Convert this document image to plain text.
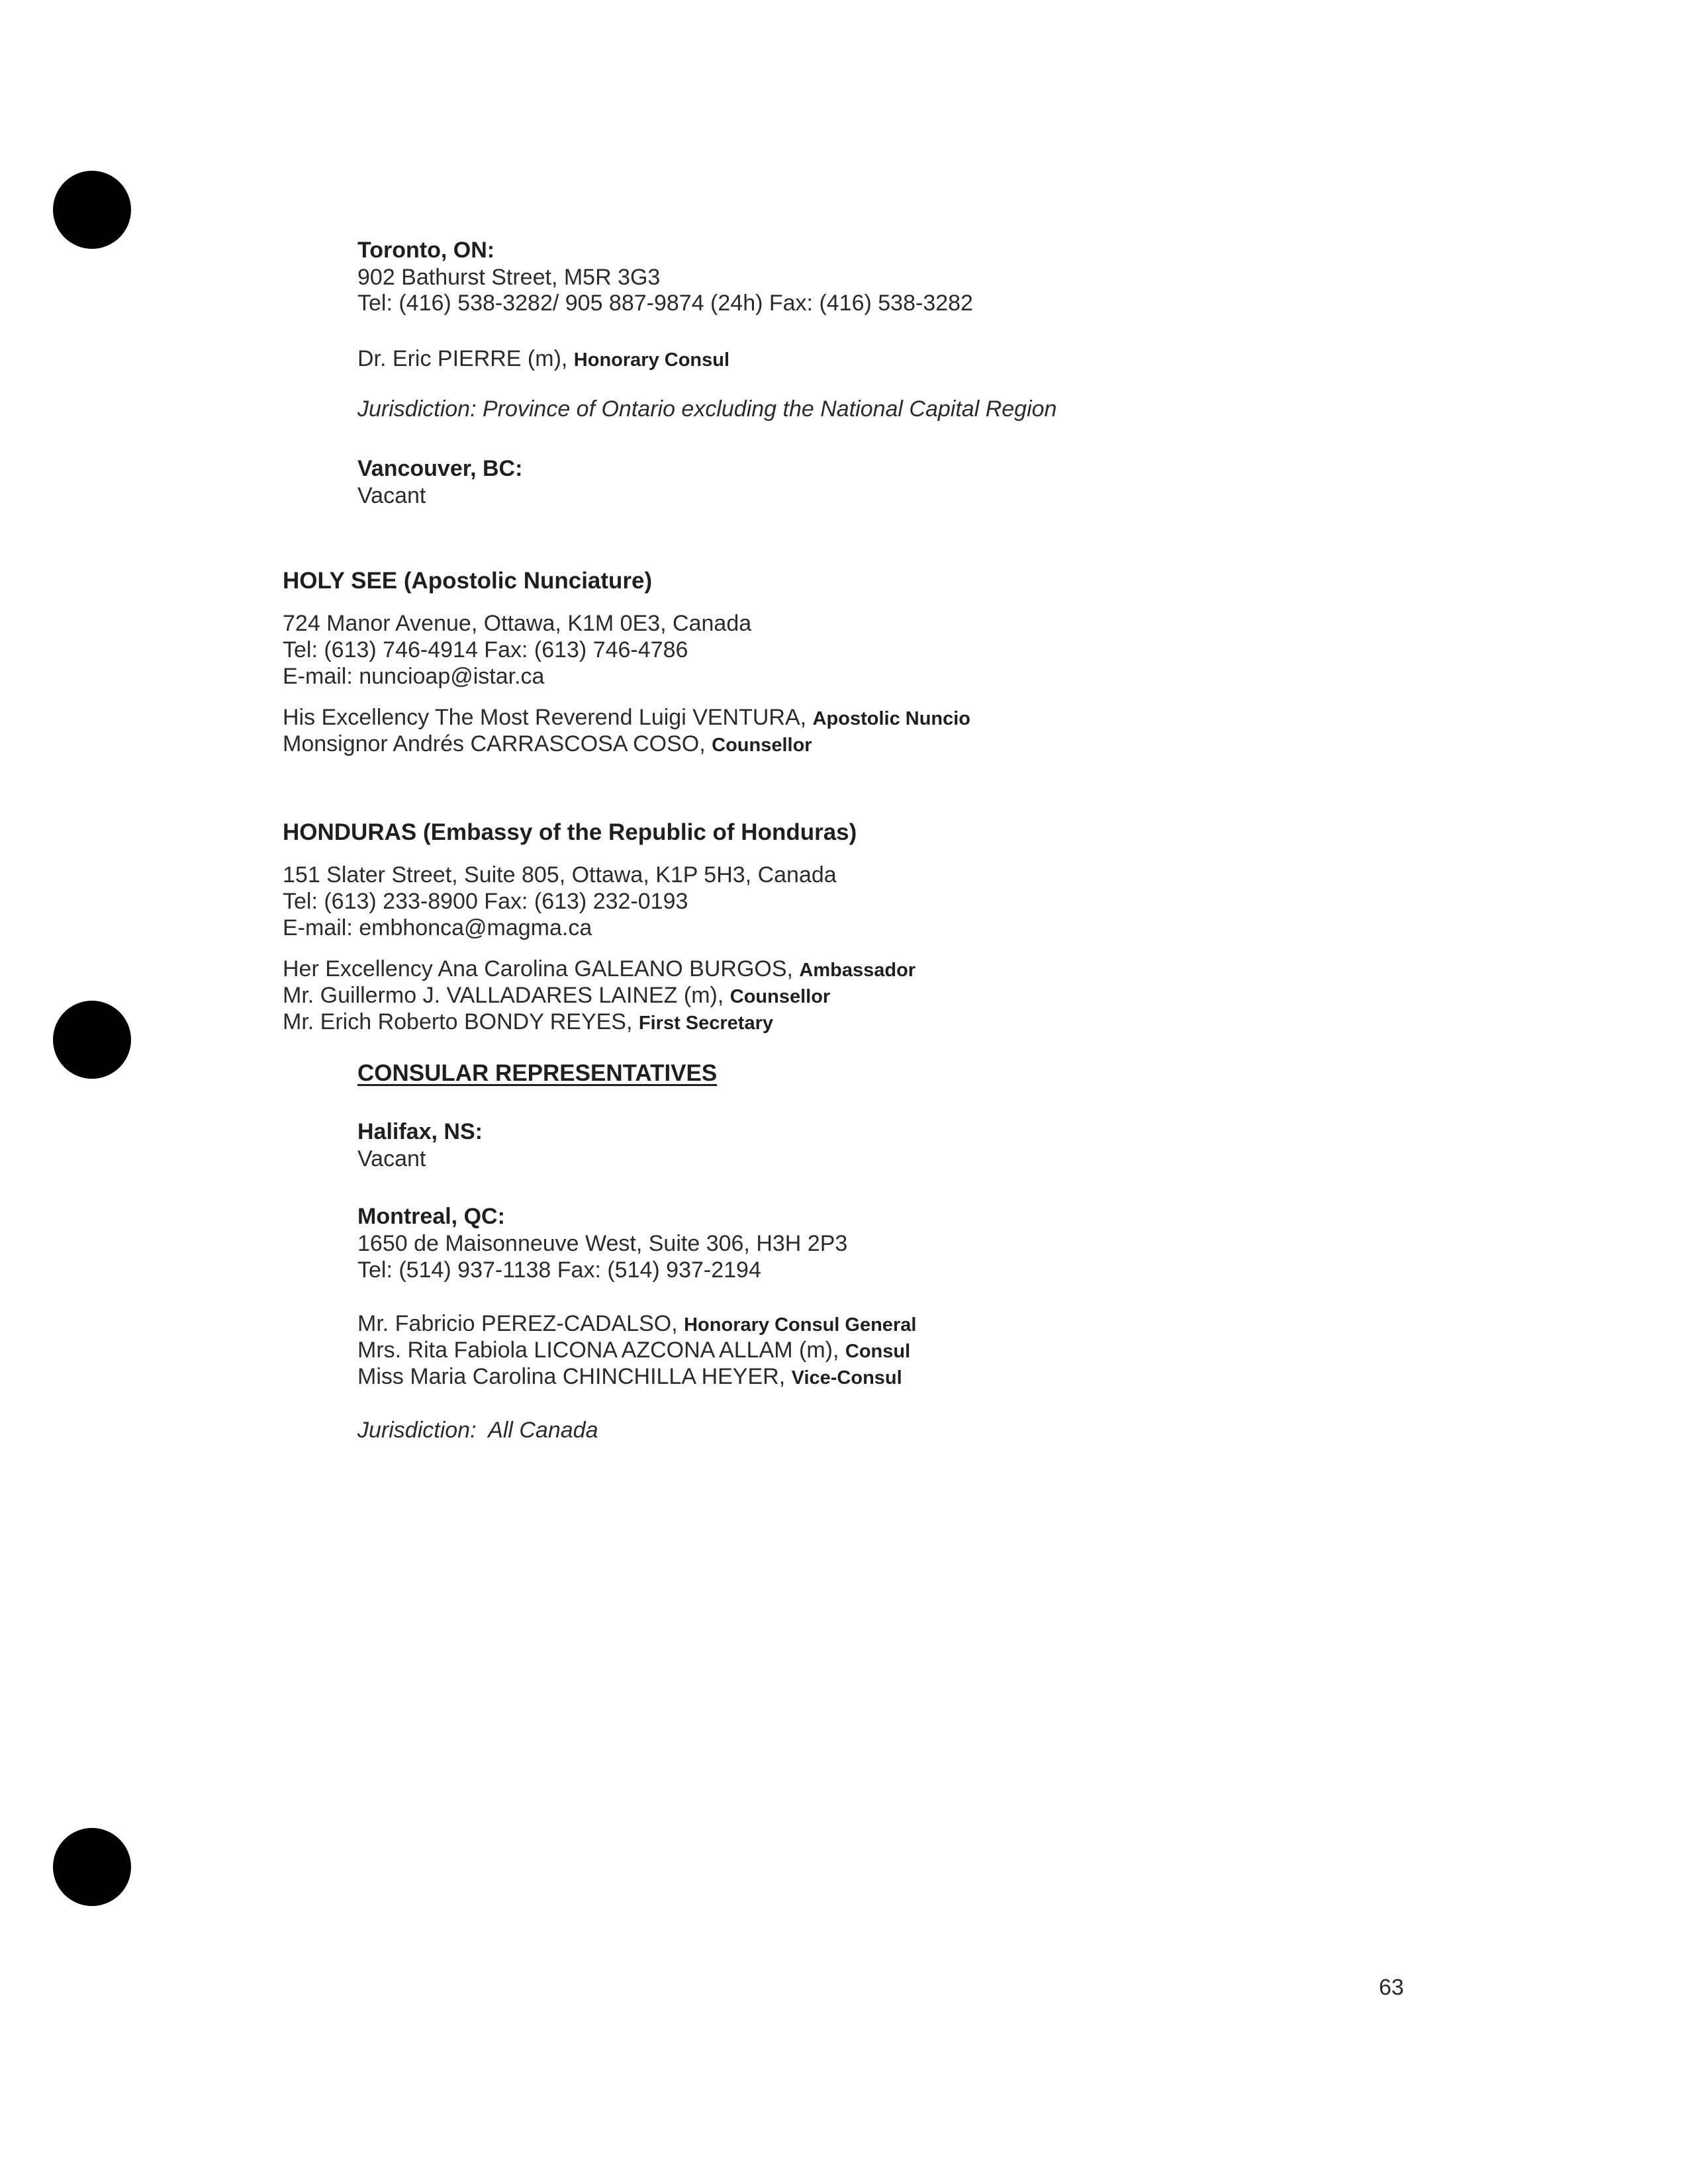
Toronto, ON:
902 Bathurst Street, M5R 3G3
Tel: (416) 538-3282/ 905 887-9874 (24h) Fax: (416) 538-3282
Dr. Eric PIERRE (m), Honorary Consul
Jurisdiction: Province of Ontario excluding the National Capital Region
Vancouver, BC:
Vacant
HOLY SEE (Apostolic Nunciature)
724 Manor Avenue, Ottawa, K1M 0E3, Canada
Tel: (613) 746-4914 Fax: (613) 746-4786
E-mail: nuncioap@istar.ca
His Excellency The Most Reverend Luigi VENTURA, Apostolic Nuncio
Monsignor Andrés CARRASCOSA COSO, Counsellor
HONDURAS (Embassy of the Republic of Honduras)
151 Slater Street, Suite 805, Ottawa, K1P 5H3, Canada
Tel: (613) 233-8900 Fax: (613) 232-0193
E-mail: embhonca@magma.ca
Her Excellency Ana Carolina GALEANO BURGOS, Ambassador
Mr. Guillermo J. VALLADARES LAINEZ (m), Counsellor
Mr. Erich Roberto BONDY REYES, First Secretary
CONSULAR REPRESENTATIVES
Halifax, NS:
Vacant
Montreal, QC:
1650 de Maisonneuve West, Suite 306, H3H 2P3
Tel: (514) 937-1138 Fax: (514) 937-2194
Mr. Fabricio PEREZ-CADALSO, Honorary Consul General
Mrs. Rita Fabiola LICONA AZCONA ALLAM (m), Consul
Miss Maria Carolina CHINCHILLA HEYER, Vice-Consul
Jurisdiction:  All Canada
63
